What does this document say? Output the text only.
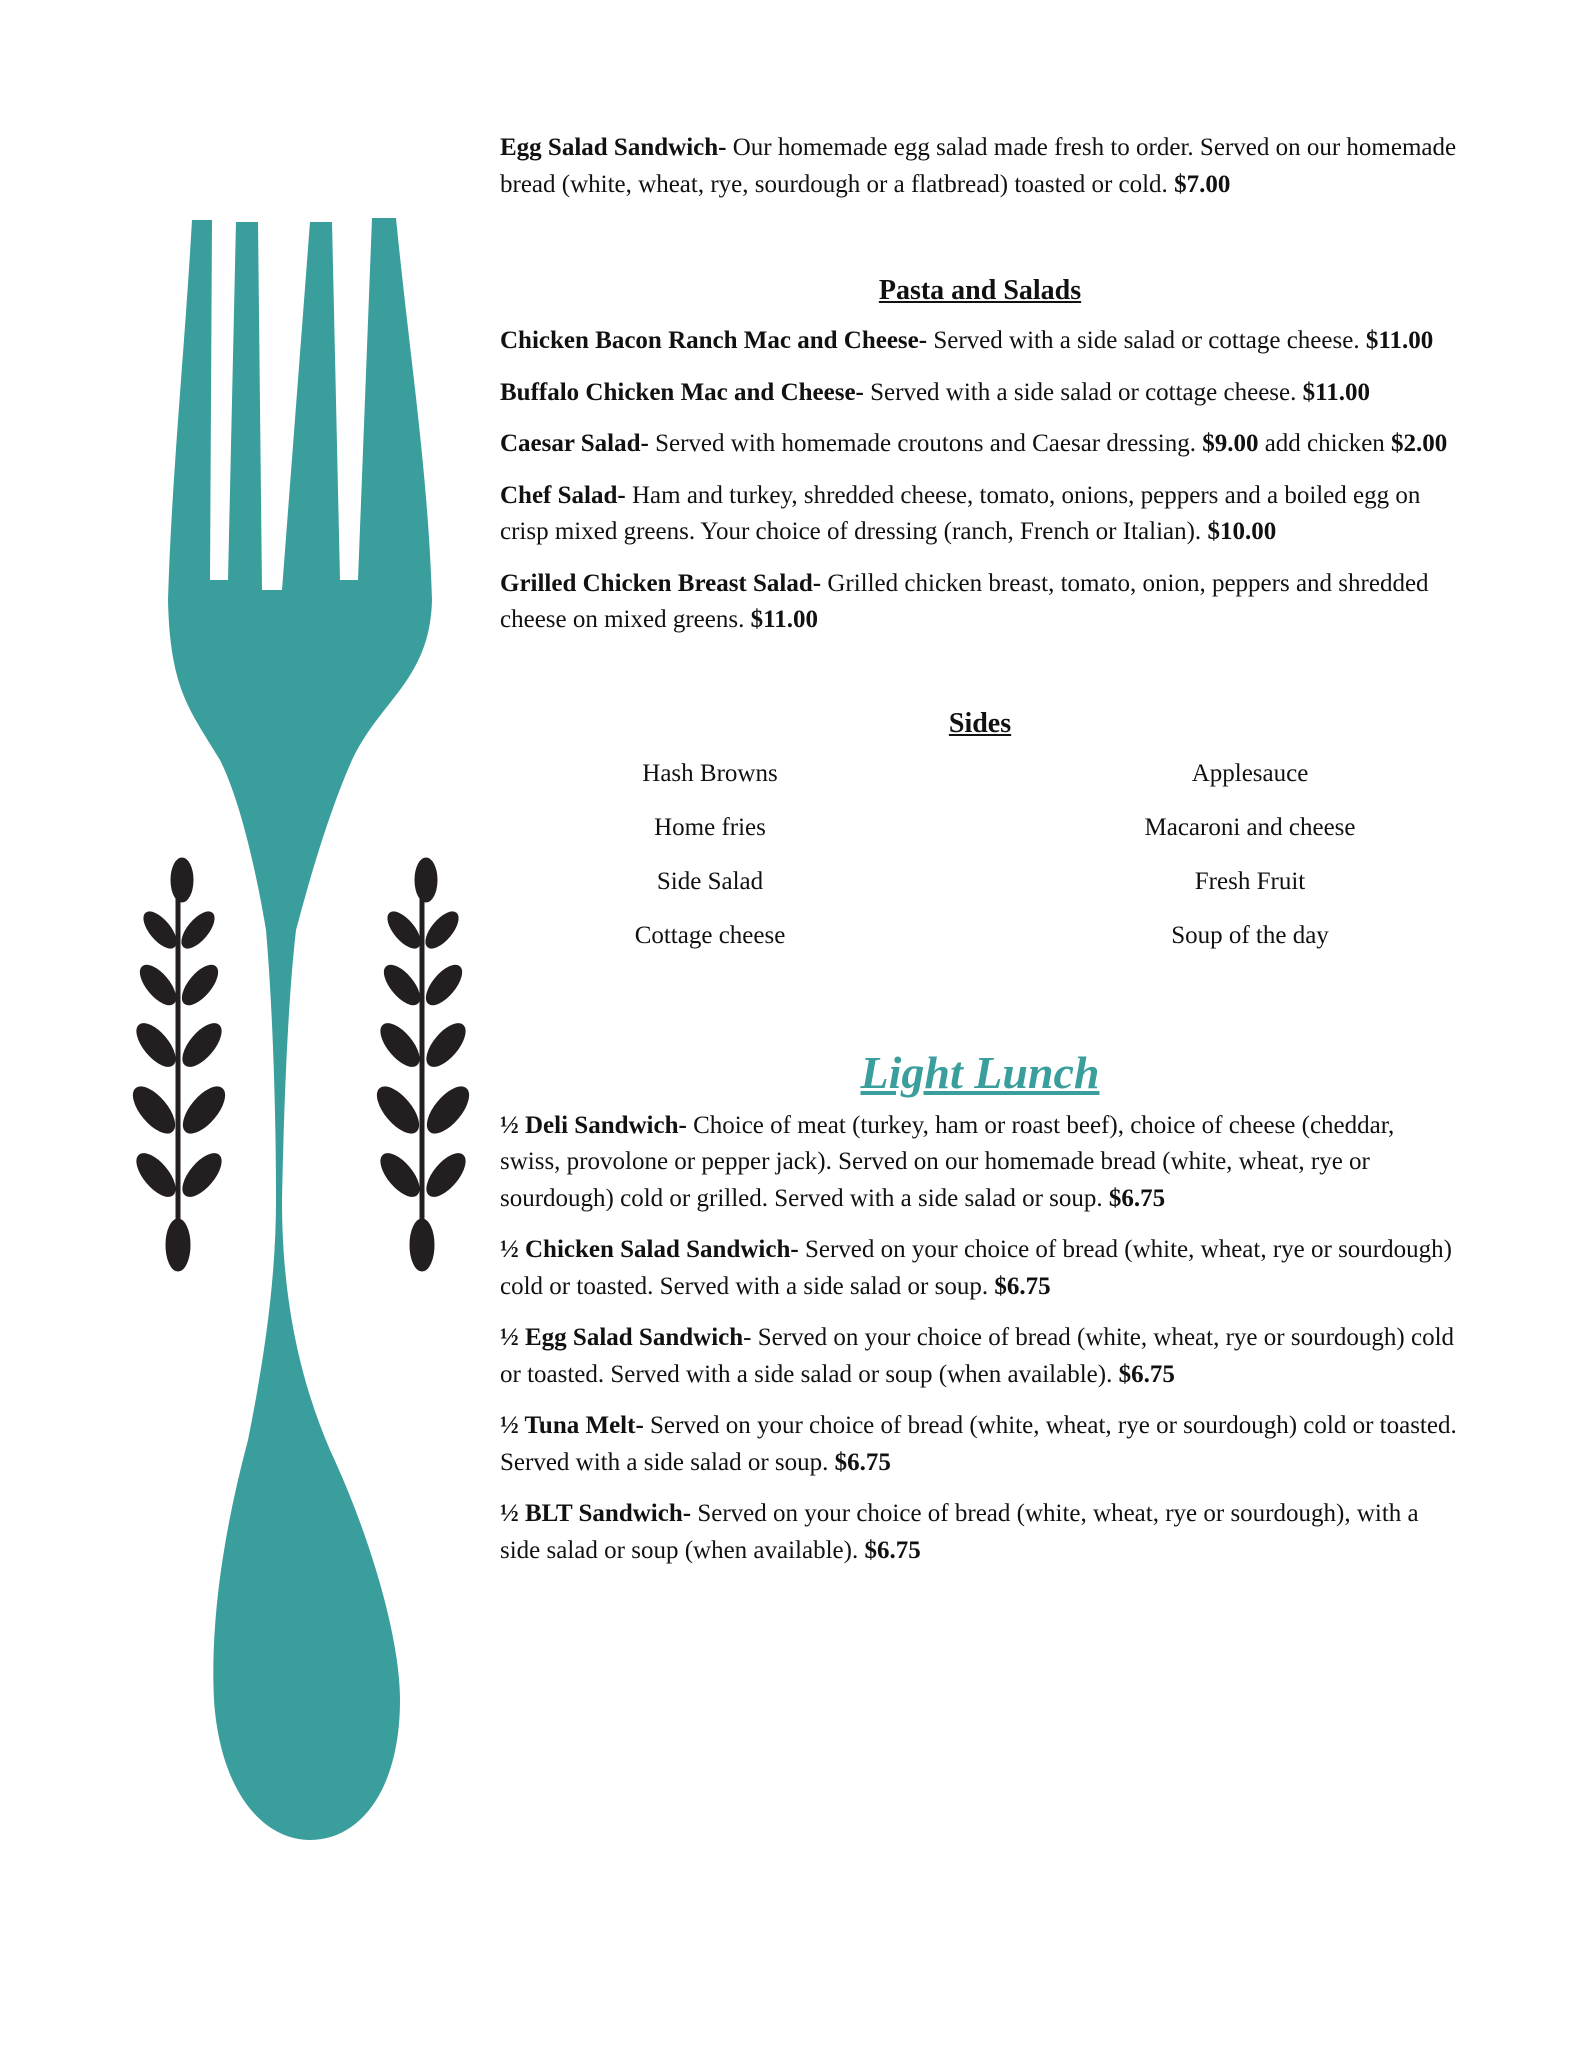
Egg Salad Sandwich- Our homemade egg salad made fresh to order. Served on our homemade bread (white, wheat, rye, sourdough or a flatbread) toasted or cold. $7.00

Pasta and Salads

Chicken Bacon Ranch Mac and Cheese- Served with a side salad or cottage cheese. $11.00

Buffalo Chicken Mac and Cheese- Served with a side salad or cottage cheese. $11.00

Caesar Salad- Served with homemade croutons and Caesar dressing. $9.00 add chicken $2.00

Chef Salad- Ham and turkey, shredded cheese, tomato, onions, peppers and a boiled egg on crisp mixed greens. Your choice of dressing (ranch, French or Italian). $10.00

Grilled Chicken Breast Salad- Grilled chicken breast, tomato, onion, peppers and shredded cheese on mixed greens. $11.00

Sides
Hash Browns	Applesauce
Home fries	Macaroni and cheese
Side Salad	Fresh Fruit
Cottage cheese	Soup of the day
Light Lunch

½ Deli Sandwich- Choice of meat (turkey, ham or roast beef), choice of cheese (cheddar, swiss, provolone or pepper jack). Served on our homemade bread (white, wheat, rye or sourdough) cold or grilled. Served with a side salad or soup. $6.75

½ Chicken Salad Sandwich- Served on your choice of bread (white, wheat, rye or sourdough) cold or toasted. Served with a side salad or soup. $6.75

½ Egg Salad Sandwich- Served on your choice of bread (white, wheat, rye or sourdough) cold or toasted. Served with a side salad or soup (when available). $6.75

½ Tuna Melt- Served on your choice of bread (white, wheat, rye or sourdough) cold or toasted. Served with a side salad or soup. $6.75

½ BLT Sandwich- Served on your choice of bread (white, wheat, rye or sourdough), with a side salad or soup (when available). $6.75
